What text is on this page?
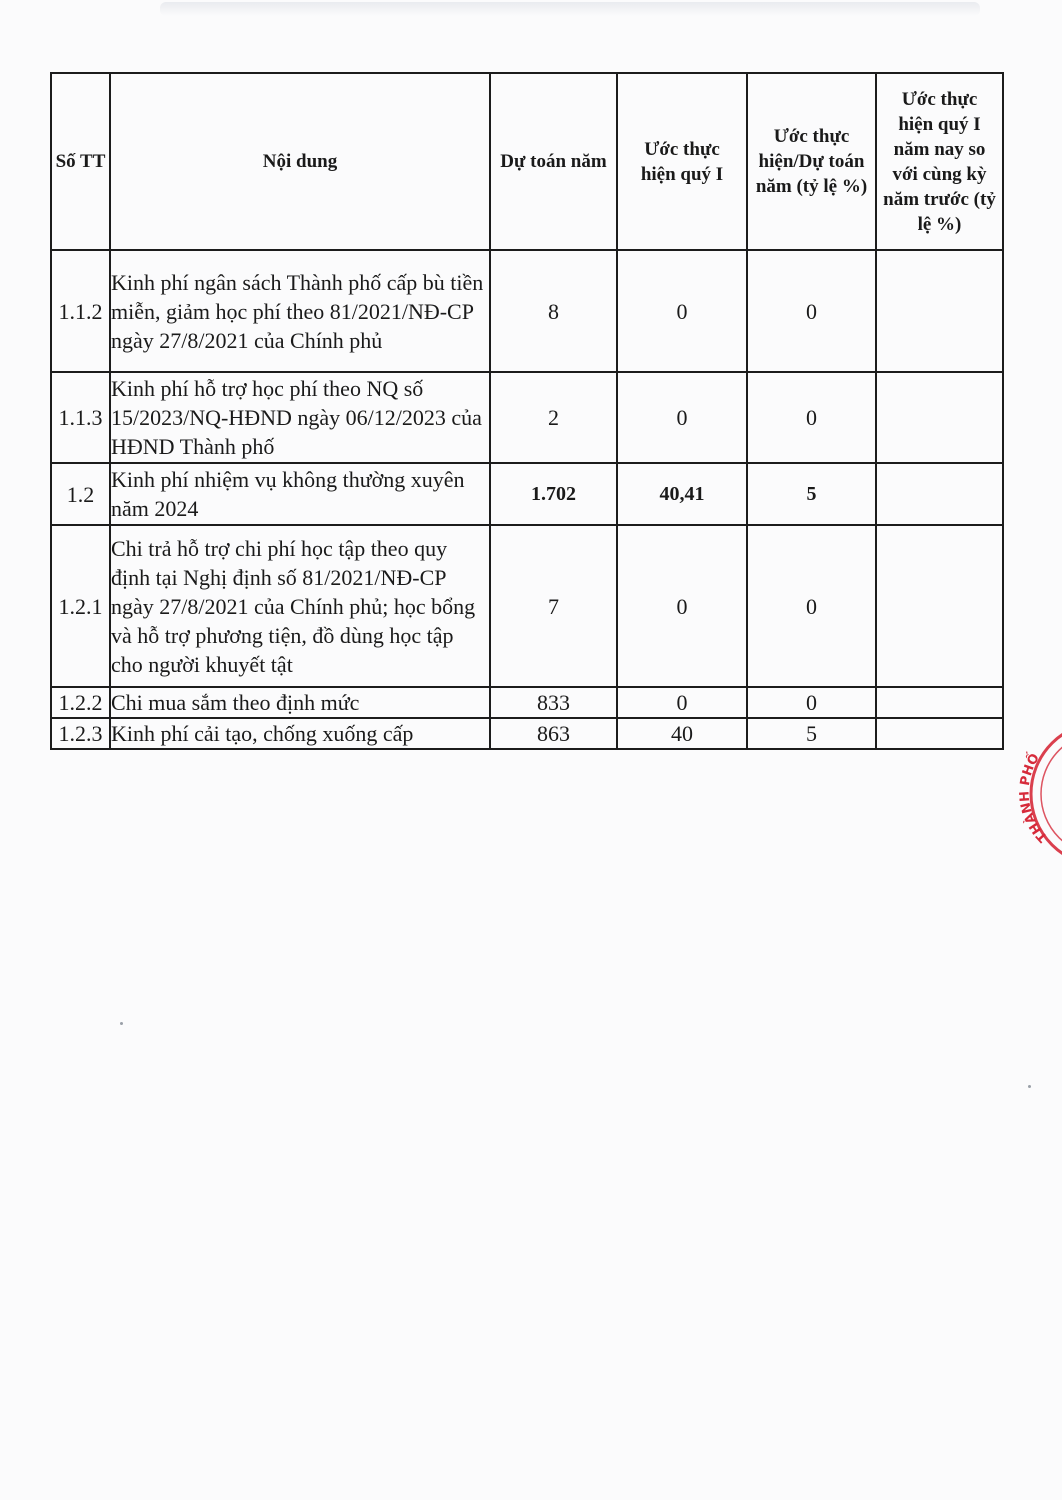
Số TT	Nội dung	Dự toán năm	Ước thực hiện quý I	Ước thực hiện/Dự toán năm (tỷ lệ %)	Ước thực hiện quý I năm nay so với cùng kỳ năm trước (tỷ lệ %)
1.1.2	Kinh phí ngân sách Thành phố cấp bù tiền miễn, giảm học phí theo 81/2021/NĐ-CP ngày 27/8/2021 của Chính phủ	8	0	0	
1.1.3	Kinh phí hỗ trợ học phí theo NQ số 15/2023/NQ-HĐND ngày 06/12/2023 của HĐND Thành phố	2	0	0	
1.2	Kinh phí nhiệm vụ không thường xuyên năm 2024	1.702	40,41	5	
1.2.1	Chi trả hỗ trợ chi phí học tập theo quy định tại Nghị định số 81/2021/NĐ-CP ngày 27/8/2021 của Chính phủ; học bổng và hỗ trợ phương tiện, đồ dùng học tập cho người khuyết tật	7	0	0	
1.2.2	Chi mua sắm theo định mức	833	0	0	
1.2.3	Kinh phí cải tạo, chống xuống cấp	863	40	5	
THÀNH PHỐ
